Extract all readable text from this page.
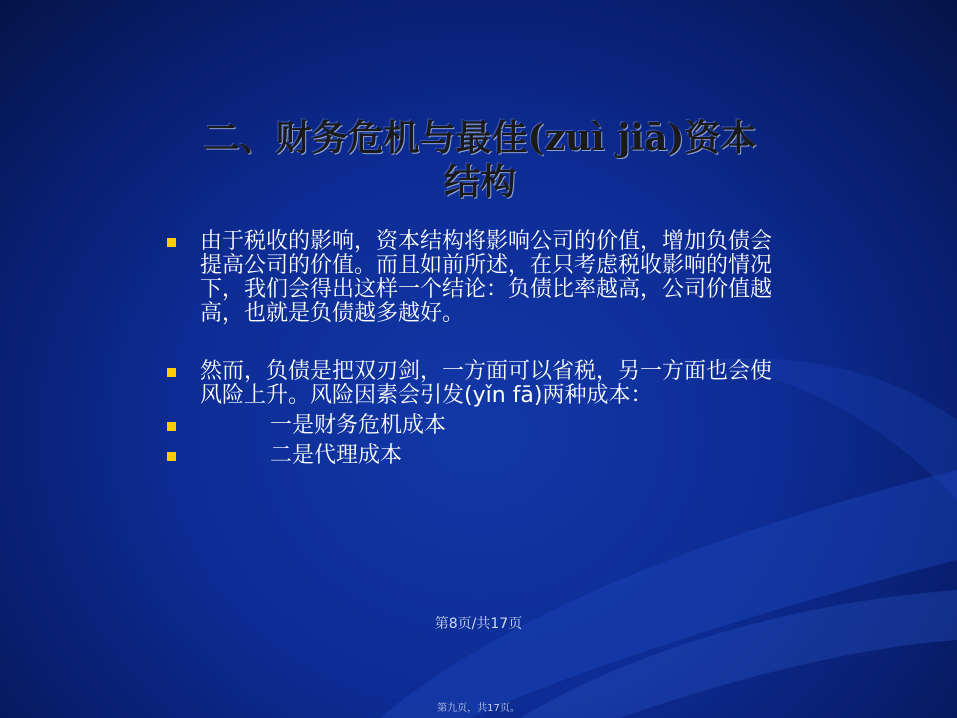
二、财务危机与最佳(zuì jiā)资本
结构
由于税收的影响，资本结构将影响公司的价值，增加负债会提高公司的价值。而且如前所述，在只考虑税收影响的情况下，我们会得出这样一个结论：负债比率越高，公司价值越高，也就是负债越多越好。
然而，负债是把双刃剑，一方面可以省税，另一方面也会使风险上升。风险因素会引发(yǐn fā)两种成本：
一是财务危机成本
二是代理成本
第8页/共17页
第九页，共17页。
